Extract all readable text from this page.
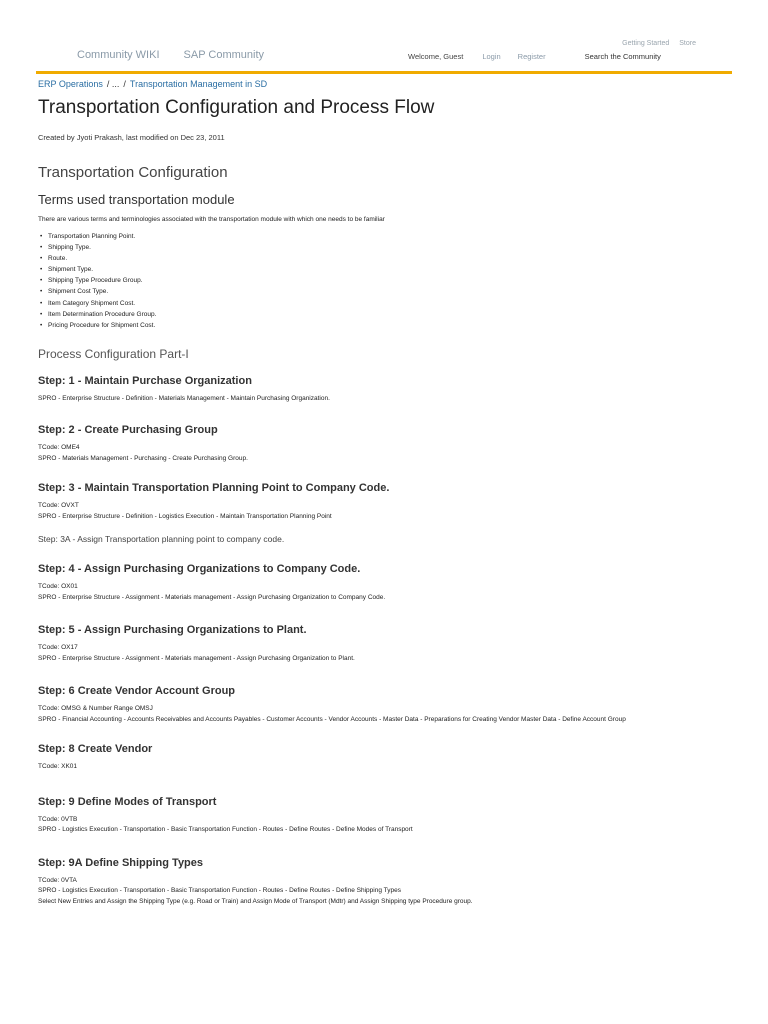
Community WIKI SAP Community
Getting Started Store
Welcome, Guest	Login Register	Search the Community
ERP Operations / ... / Transportation Management in SD
Transportation Configuration and Process Flow
Created by Jyoti Prakash, last modified on Dec 23, 2011
Transportation Configuration
Terms used transportation module

There are various terms and terminologies associated with the transportation module with which one needs to be familiar

• Transportation Planning Point.
• Shipping Type.
• Route.
• Shipment Type.
• Shipping Type Procedure Group.
• Shipment Cost Type.
• Item Category Shipment Cost.
• Item Determination Procedure Group.
• Pricing Procedure for Shipment Cost.
Process Configuration Part-I
Step: 1 - Maintain Purchase Organization
SPRO - Enterprise Structure - Definition - Materials Management - Maintain Purchasing Organization.
Step: 2 - Create Purchasing Group
TCode: OME4
SPRO - Materials Management - Purchasing - Create Purchasing Group.
Step: 3 - Maintain Transportation Planning Point to Company Code.
TCode: OVXT
SPRO - Enterprise Structure - Definition - Logistics Execution - Maintain Transportation Planning Point
Step: 3A - Assign Transportation planning point to company code.
Step: 4 - Assign Purchasing Organizations to Company Code.
TCode: OX01
SPRO - Enterprise Structure - Assignment - Materials management - Assign Purchasing Organization to Company Code.
Step: 5 - Assign Purchasing Organizations to Plant.
TCode: OX17
SPRO - Enterprise Structure - Assignment - Materials management - Assign Purchasing Organization to Plant.
Step: 6 Create Vendor Account Group
TCode: OMSG & Number Range OMSJ
SPRO - Financial Accounting - Accounts Receivables and Accounts Payables - Customer Accounts - Vendor Accounts - Master Data - Preparations for Creating Vendor Master Data - Define Account Group
Step: 8 Create Vendor
TCode: XK01
Step: 9 Define Modes of Transport
TCode: 0VTB
SPRO - Logistics Execution - Transportation - Basic Transportation Function - Routes - Define Routes - Define Modes of Transport
Step: 9A Define Shipping Types
TCode: 0VTA
SPRO - Logistics Execution - Transportation - Basic Transportation Function - Routes - Define Routes - Define Shipping Types
Select New Entries and Assign the Shipping Type (e.g. Road or Train) and Assign Mode of Transport (Mdtr) and Assign Shipping type Procedure group.
